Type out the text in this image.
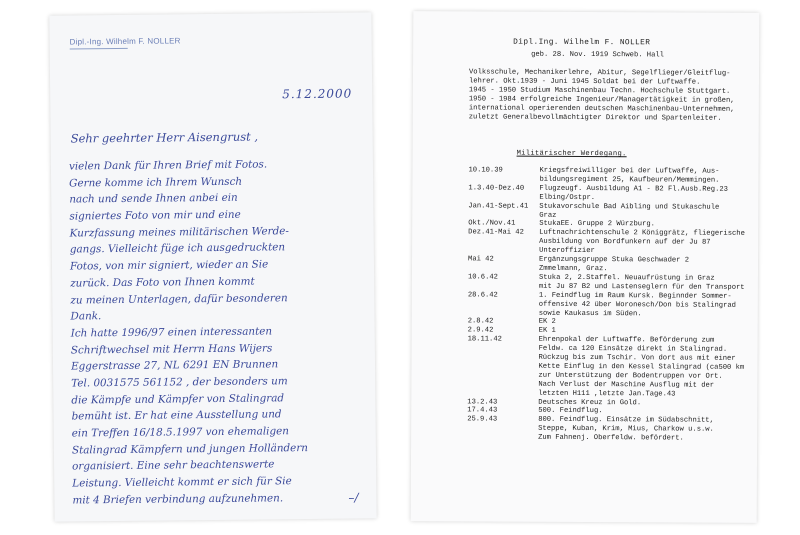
Dipl.-Ing. Wilhelm F. NOLLER
5.12.2000
Sehr geehrter Herr Aisengrust ,
vielen Dank für Ihren Brief mit Fotos.
Gerne komme ich Ihrem Wunsch
nach und sende Ihnen anbei ein
signiertes Foto von mir und eine
Kurzfassung meines militärischen Werde-
gangs. Vielleicht füge ich ausgedruckten
Fotos, von mir signiert, wieder an Sie
zurück. Das Foto von Ihnen kommt
zu meinen Unterlagen, dafür besonderen
Dank.
Ich hatte 1996/97 einen interessanten
Schriftwechsel mit Herrn Hans Wijers
Eggerstrasse 27, NL 6291 EN Brunnen
Tel. 0031575 561152 , der besonders um
die Kämpfe und Kämpfer von Stalingrad
bemüht ist. Er hat eine Ausstellung und
ein Treffen 16/18.5.1997 von ehemaligen
Stalingrad Kämpfern und jungen Holländern
organisiert. Eine sehr beachtenswerte
Leistung. Vielleicht kommt er sich für Sie
mit 4 Briefen verbindung aufzunehmen.	–/
Dipl.Ing. Wilhelm F. NOLLER
geb. 28. Nov. 1919 Schweb. Hall
Volksschule, Mechanikerlehre, Abitur, Segelflieger/Gleitflug-
lehrer. Okt.1939 - Juni 1945 Soldat bei der Luftwaffe.
1945 - 1950 Studium Maschinenbau Techn. Hochschule Stuttgart.
1950 - 1984 erfolgreiche Ingenieur/Managertätigkeit in großen,
international operierenden deutschen Maschinenbau-Unternehmen,
zuletzt Generalbevollmächtigter Direktor und Spartenleiter.
Militärischer Werdegang.
10.10.39	Kriegsfreiwilliger bei der Luftwaffe, Aus-
bildungsregiment 25, Kaufbeuren/Memmingen.
1.3.40-Dez.40	Flugzeugf. Ausbildung A1 - B2 Fl.Ausb.Reg.23
Elbing/Ostpr.
Jan.41-Sept.41	Stukavorschule Bad Aibling und Stukaschule
Graz
Okt./Nov.41	StukaEE. Gruppe 2 Würzburg.
Dez.41-Mai 42	Luftnachrichtenschule 2 Königgrätz, fliegerische
Ausbildung von Bordfunkern auf der Ju 87
Unteroffizier
Mai 42	Ergänzungsgruppe Stuka Geschwader 2
Zmmelmann, Graz.
10.6.42	Stuka 2, 2.Staffel. Neuaufrüstung in Graz
mit Ju 87 B2 und Lastenseglern für den Transport
28.6.42	1. Feindflug im Raum Kursk. Beginnder Sommer-
offensive 42 über Woronesch/Don bis Stalingrad
sowie Kaukasus im Süden.
2.8.42	EK 2
2.9.42	EK 1
18.11.42	Ehrenpokal der Luftwaffe. Beförderung zum
Feldw. ca 120 Einsätze direkt in Stalingrad.
Rückzug bis zum Tschir. Von dort aus mit einer
Kette Einflug in den Kessel Stalingrad (ca500 km
zur Unterstützung der Bodentruppen vor Ort.
Nach Verlust der Maschine Ausflug mit der
letzten H111 ,letzte Jan.Tage.43
13.2.43	Deutsches Kreuz in Gold.
17.4.43	500. Feindflug.
25.9.43	800. Feindflug. Einsätze im Südabschnitt,
Steppe, Kuban, Krim, Mius, Charkow u.s.w.
Zum Fahnenj. Oberfeldw. befördert.
